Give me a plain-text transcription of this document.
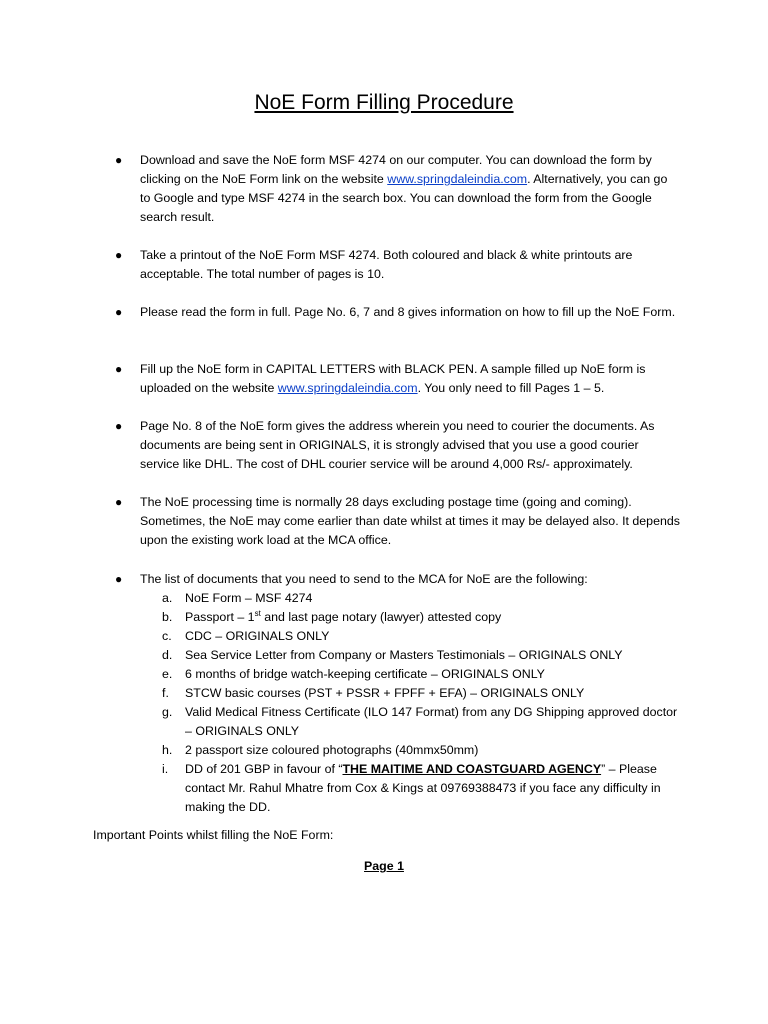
NoE Form Filling Procedure
● Download and save the NoE form MSF 4274 on our computer. You can download the form by clicking on the NoE Form link on the website www.springdaleindia.com. Alternatively, you can go to Google and type MSF 4274 in the search box. You can download the form from the Google search result.

● Take a printout of the NoE Form MSF 4274. Both coloured and black & white printouts are acceptable. The total number of pages is 10.

● Please read the form in full. Page No. 6, 7 and 8 gives information on how to fill up the NoE Form.

● Fill up the NoE form in CAPITAL LETTERS with BLACK PEN. A sample filled up NoE form is uploaded on the website www.springdaleindia.com. You only need to fill Pages 1 – 5.

● Page No. 8 of the NoE form gives the address wherein you need to courier the documents. As documents are being sent in ORIGINALS, it is strongly advised that you use a good courier service like DHL. The cost of DHL courier service will be around 4,000 Rs/- approximately.

● The NoE processing time is normally 28 days excluding postage time (going and coming). Sometimes, the NoE may come earlier than date whilst at times it may be delayed also. It depends upon the existing work load at the MCA office.

● The list of documents that you need to send to the MCA for NoE are the following:

a. NoE Form – MSF 4274
b. Passport – 1st and last page notary (lawyer) attested copy
c. CDC – ORIGINALS ONLY
d. Sea Service Letter from Company or Masters Testimonials – ORIGINALS ONLY
e. 6 months of bridge watch-keeping certificate – ORIGINALS ONLY
f. STCW basic courses (PST + PSSR + FPFF + EFA) – ORIGINALS ONLY
g. Valid Medical Fitness Certificate (ILO 147 Format) from any DG Shipping approved doctor – ORIGINALS ONLY
h. 2 passport size coloured photographs (40mmx50mm)
i. DD of 201 GBP in favour of “THE MAITIME AND COASTGUARD AGENCY” – Please contact Mr. Rahul Mhatre from Cox & Kings at 09769388473 if you face any difficulty in making the DD.
Important Points whilst filling the NoE Form:
Page 1
